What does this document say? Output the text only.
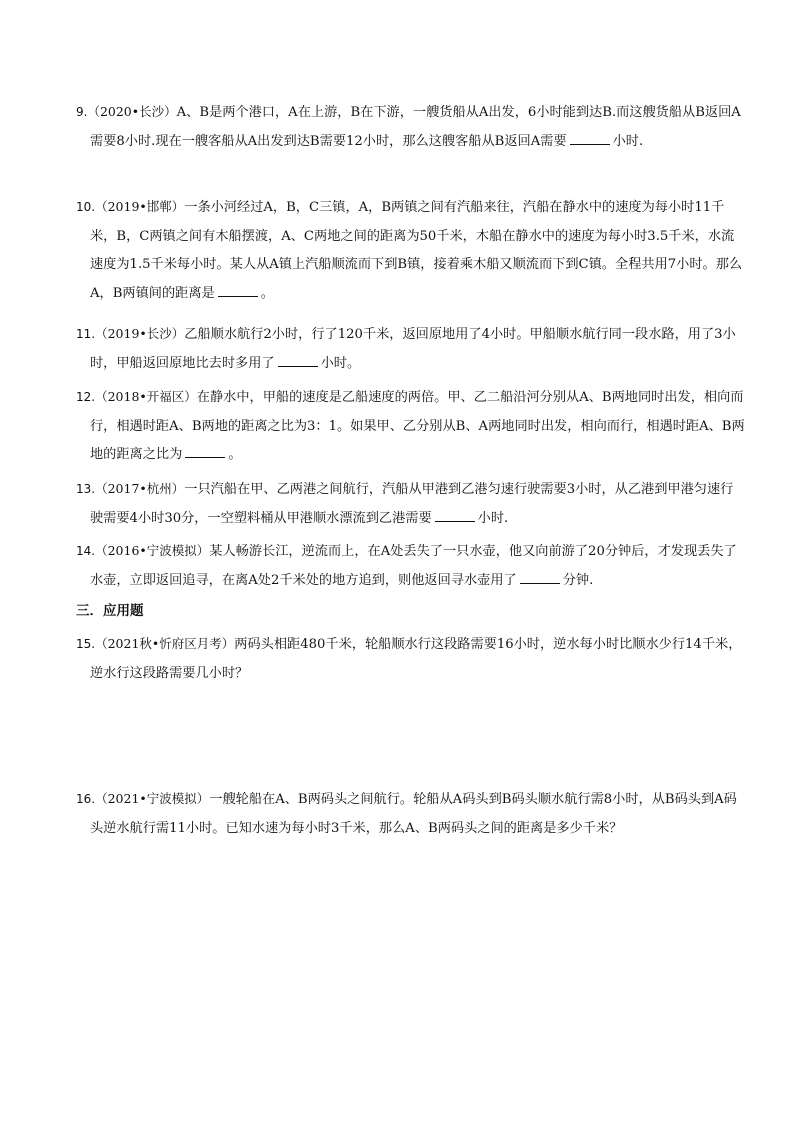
9.（2020•长沙）A、B是两个港口，A在上游，B在下游，一艘货船从A出发，6小时能到达B.而这艘货船从B返回A需要8小时.现在一艘客船从A出发到达B需要12小时，那么这艘客船从B返回A需要	小时.
10.（2019•邯郸）一条小河经过A，B，C三镇，A，B两镇之间有汽船来往，汽船在静水中的速度为每小时11千米，B，C两镇之间有木船摆渡，A、C两地之间的距离为50千米，木船在静水中的速度为每小时3.5千米，水流速度为1.5千米每小时。某人从A镇上汽船顺流而下到B镇，接着乘木船又顺流而下到C镇。全程共用7小时。那么A，B两镇间的距离是	。
11.（2019•长沙）乙船顺水航行2小时，行了120千米，返回原地用了4小时。甲船顺水航行同一段水路，用了3小时，甲船返回原地比去时多用了	小时。
12.（2018•开福区）在静水中，甲船的速度是乙船速度的两倍。甲、乙二船沿河分别从A、B两地同时出发，相向而行，相遇时距A、B两地的距离之比为3：1。如果甲、乙分别从B、A两地同时出发，相向而行，相遇时距A、B两地的距离之比为	。
13.（2017•杭州）一只汽船在甲、乙两港之间航行，汽船从甲港到乙港匀速行驶需要3小时，从乙港到甲港匀速行驶需要4小时30分，一空塑料桶从甲港顺水漂流到乙港需要	小时.
14.（2016•宁波模拟）某人畅游长江，逆流而上，在A处丢失了一只水壶，他又向前游了20分钟后，才发现丢失了水壶，立即返回追寻，在离A处2千米处的地方追到，则他返回寻水壶用了	分钟.
三．应用题
15.（2021秋•忻府区月考）两码头相距480千米，轮船顺水行这段路需要16小时，逆水每小时比顺水少行14千米，逆水行这段路需要几小时？
16.（2021•宁波模拟）一艘轮船在A、B两码头之间航行。轮船从A码头到B码头顺水航行需8小时，从B码头到A码头逆水航行需11小时。已知水速为每小时3千米，那么A、B两码头之间的距离是多少千米？
